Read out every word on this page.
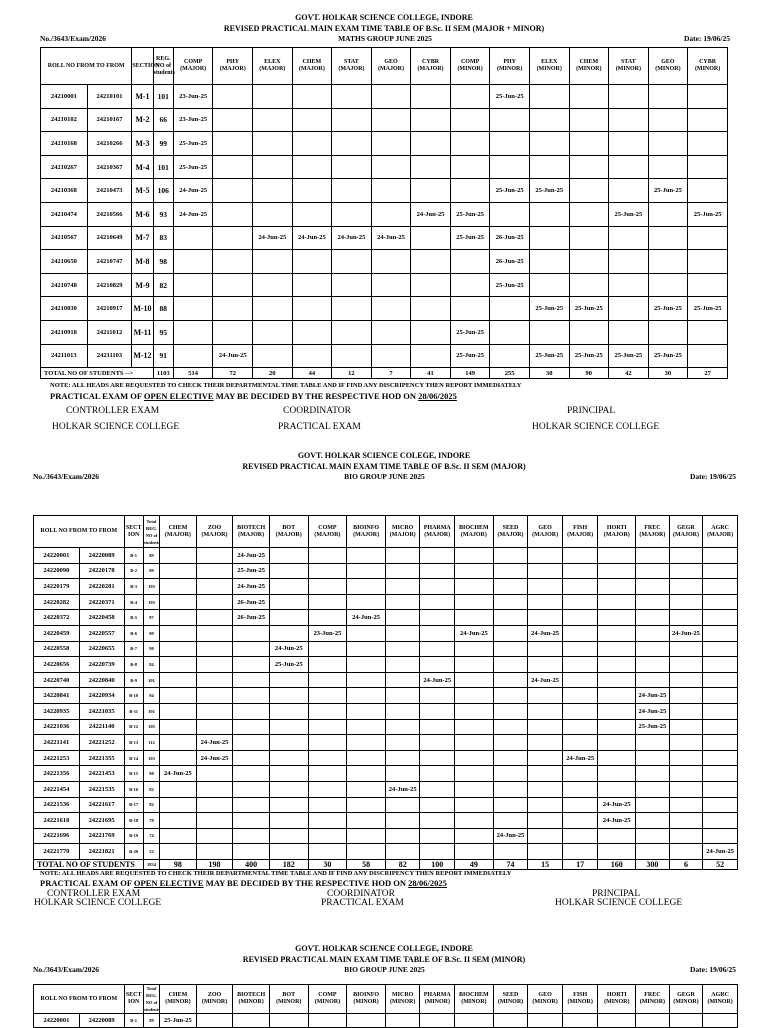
GOVT. HOLKAR SCIENCE COLLEGE, INDORE
REVISED PRACTICAL MAIN EXAM TIME TABLE OF B.Sc. II SEM (MAJOR + MINOR)
No./3643/Exam/2026	MATHS GROUP JUNE 2025	Date: 19/06/25
ROLL NO FROM TO FROM		SECTION	REG. NO of students	COMP (MAJOR)	PHY (MAJOR)	ELEX (MAJOR)	CHEM (MAJOR)	STAT (MAJOR)	GEO (MAJOR)	CYBR (MAJOR)	COMP (MINOR)	PHY (MINOR)	ELEX (MINOR)	CHEM (MINOR)	STAT (MINOR)	GEO (MINOR)	CYBR (MINOR)
24210001	24210101	M-1	101	23-Jun-25								25-Jun-25					
24210102	24210167	M-2	66	23-Jun-25													
24210168	24210266	M-3	99	25-Jun-25													
24210267	24210367	M-4	101	25-Jun-25													
24210368	24210473	M-5	106	24-Jun-25								25-Jun-25	25-Jun-25			25-Jun-25	
24210474	24210566	M-6	93	24-Jun-25						24-Jun-25	25-Jun-25				25-Jun-25		25-Jun-25
24210567	24210649	M-7	83			24-Jun-25	24-Jun-25	24-Jun-25	24-Jun-25		25-Jun-25	26-Jun-25					
24210650	24210747	M-8	98									26-Jun-25					
24210748	24210829	M-9	82									25-Jun-25					
24210830	24210917	M-10	88										25-Jun-25	25-Jun-25		25-Jun-25	25-Jun-25
24210918	24211012	M-11	95								25-Jun-25						
24211013	24211103	M-12	91		24-Jun-25						25-Jun-25		25-Jun-25	25-Jun-25	25-Jun-25	25-Jun-25	
TOTAL NO OF STUDENTS -->			1103	514	72	20	44	12	7	41	149	255	38	90	42	30	27
NOTE: ALL HEADS ARE REQUESTED TO CHECK THEIR DEPARTMENTAL TIME TABLE AND IF FIND ANY DISCRIPENCY THEN REPORT IMMEDIATELY
PRACTICAL EXAM OF OPEN ELECTIVE MAY BE DECIDED BY THE RESPECTIVE HOD ON 28/06/2025
CONTROLLER EXAM
HOLKAR SCIENCE COLLEGE
COORDINATOR
PRACTICAL EXAM
PRINCIPAL
HOLKAR SCIENCE COLLEGE
GOVT. HOLKAR SCIENCE COLEGE, INDORE
REVISED PRACTICAL MAIN EXAM TIME TABLE OF B.Sc. II SEM (MAJOR)
No./3643/Exam/2026	BIO GROUP JUNE 2025	Date: 19/06/25
ROLL NO FROM TO FROM		SECT ION	Total REG. NO of students	CHEM (MAJOR)	ZOO (MAJOR)	BIOTECH (MAJOR)	BOT (MAJOR)	COMP (MAJOR)	BIOINFO (MAJOR)	MICRO (MAJOR)	PHARMA (MAJOR)	BIOCHEM (MAJOR)	SEED (MAJOR)	GEO (MAJOR)	FISH (MAJOR)	HORTI (MAJOR)	FREC (MAJOR)	GEGR (MAJOR)	AGRC (MAJOR)
24220001	24220089	B-1	89			24-Jun-25													
24220090	24220178	B-2	89			25-Jun-25													
24220179	24220281	B-3	103			24-Jun-25													
24220282	24220371	B-4	103			26-Jun-25													
24220372	24220458	B-5	87			26-Jun-25			24-Jun-25										
24220459	24220557	B-6	99					23-Jun-25				24-Jun-25		24-Jun-25				24-Jun-25	
24220558	24220655	B-7	98				24-Jun-25												
24220656	24220739	B-8	84				25-Jun-25												
24220740	24220840	B-9	101								24-Jun-25			24-Jun-25					
24220841	24220934	B-10	94														24-Jun-25		
24220935	24221035	B-11	101														24-Jun-25		
24221036	24221140	B-12	105														25-Jun-25		
24221141	24221252	B-13	112		24-Jun-25														
24221253	24221355	B-14	103		24-Jun-25										24-Jun-25				
24221356	24221453	B-15	98	24-Jun-25															
24221454	24221535	B-16	82							24-Jun-25									
24221536	24221617	B-17	82													24-Jun-25			
24221618	24221695	B-18	78													24-Jun-25			
24221696	24221769	B-19	74										24-Jun-25						
24221770	24221821	B-20	52																24-Jun-25
TOTAL NO OF STUDENTS			1834	98	198	400	182	30	58	82	100	49	74	15	17	160	300	6	52
NOTE: ALL HEADS ARE REQUESTED TO CHECK THEIR DEPARTMENTAL TIME TABLE AND IF FIND ANY DISCRIPENCY THEN REPORT IMMEDIATELY
PRACTICAL EXAM OF OPEN ELECTIVE MAY BE DECIDED BY THE RESPECTIVE HOD ON 28/06/2025
CONTROLLER EXAM
HOLKAR SCIENCE COLLEGE
COORDINATOR
PRACTICAL EXAM
PRINCIPAL
HOLKAR SCIENCE COLLEGE
GOVT. HOLKAR SCIENCE COLLEGE, INDORE
REVISED PRACTICAL MAIN EXAM TIME TABLE OF B.Sc. II SEM (MINOR)
No./3643/Exam/2026	BIO GROUP JUNE 2025	Date: 19/06/25
ROLL NO FROM TO FROM		SECT ION	Total REG. NO of students	CHEM (MINOR)	ZOO (MINOR)	BIOTECH (MINOR)	BOT (MINOR)	COMP (MINOR)	BIOINFO (MINOR)	MICRO (MINOR)	PHARMA (MINOR)	BIOCHEM (MINOR)	SEED (MINOR)	GEO (MINOR)	FISH (MINOR)	HORTI (MINOR)	FREC (MINOR)	GEGR (MINOR)	AGRC (MINOR)
24220001	24220089	B-1	89	25-Jun-25															
